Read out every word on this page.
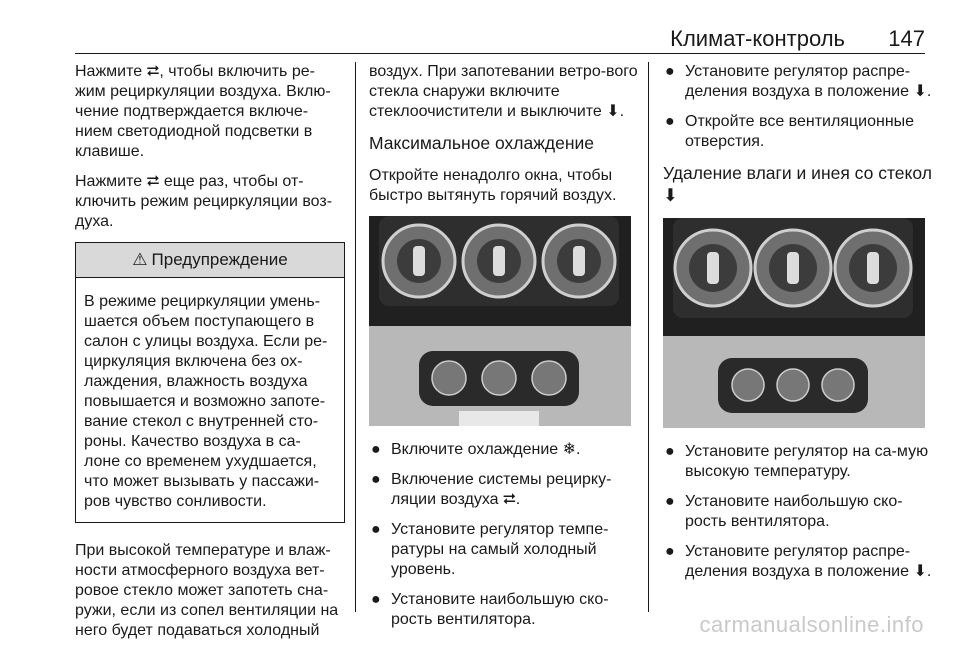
Климат-контроль 147

Нажмите ⮂, чтобы включить ре-жим рециркуляции воздуха. Вклю-чение подтверждается включе-нием светодиодной подсветки в клавише.

Нажмите ⮂ еще раз, чтобы от-ключить режим рециркуляции воз-духа.

⚠ Предупреждение
В режиме рециркуляции умень-шается объем поступающего в салон с улицы воздуха. Если ре-циркуляция включена без ох-лаждения, влажность воздуха повышается и возможно запоте-вание стекол с внутренней сто-роны. Качество воздуха в са-лоне со временем ухудшается, что может вызывать у пассажи-ров чувство сонливости.

При высокой температуре и влаж-ности атмосферного воздуха вет-ровое стекло может запотеть сна-ружи, если из сопел вентиляции на него будет подаваться холодный

воздух. При запотевании ветро-вого стекла снаружи включите стеклоочистители и выключите ⬇.

Максимальное охлаждение

Откройте ненадолго окна, чтобы быстро вытянуть горячий воздух.

● Включите охлаждение ❄.
● Включение системы рецирку-ляции воздуха ⮂.
● Установите регулятор темпе-ратуры на самый холодный уровень.
● Установите наибольшую ско-рость вентилятора.
● Установите регулятор распре-деления воздуха в положение ⬇.
● Откройте все вентиляционные отверстия.
Удаление влаги и инея со стекол ⬇
● Установите регулятор на са-мую высокую температуру.
● Установите наибольшую ско-рость вентилятора.
● Установите регулятор распре-деления воздуха в положение ⬇.
carmanualsonline.info
